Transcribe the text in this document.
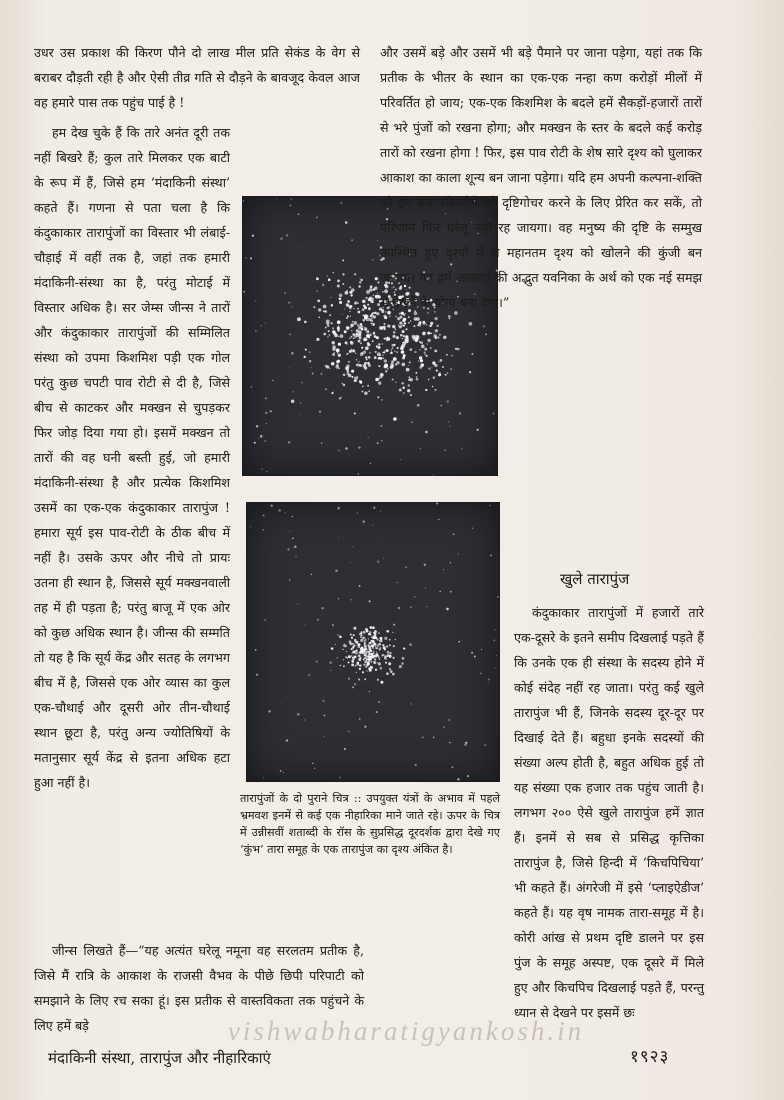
उधर उस प्रकाश की किरण पौने दो लाख मील प्रति सेकंड के वेग से बराबर दौड़ती रही है और ऐसी तीव्र गति से दौड़ने के बावजूद केवल आज वह हमारे पास तक पहुंच पाई है !
हम देख चुके हैं कि तारे अनंत दूरी तक नहीं बिखरे हैं; कुल तारे मिलकर एक बाटी के रूप में हैं, जिसे हम ‘मंदाकिनी संस्था’ कहते हैं। गणना से पता चला है कि कंदुकाकार तारापुंजों का विस्तार भी लंबाई-चौड़ाई में वहीं तक है, जहां तक हमारी मंदाकिनी-संस्था का है, परंतु मोटाई में विस्तार अधिक है। सर जेम्स जीन्स ने तारों और कंदुकाकार तारापुंजों की सम्मिलित संस्था को उपमा किशमिश पड़ी एक गोल परंतु कुछ चपटी पाव रोटी से दी है, जिसे बीच से काटकर और मक्खन से चुपड़कर फिर जोड़ दिया गया हो। इसमें मक्खन तो तारों की वह घनी बस्ती हुई, जो हमारी मंदाकिनी-संस्था है और प्रत्येक किशमिश उसमें का एक-एक कंदुकाकार तारापुंज ! हमारा सूर्य इस पाव-रोटी के ठीक बीच में नहीं है। उसके ऊपर और नीचे तो प्रायः उतना ही स्थान है, जिससे सूर्य मक्खनवाली तह में ही पड़ता है; परंतु बाजू में एक ओर को कुछ अधिक स्थान है। जीन्स की सम्मति तो यह है कि सूर्य केंद्र और सतह के लगभग बीच में है, जिससे एक ओर व्यास का कुल एक-चौथाई और दूसरी ओर तीन-चौथाई स्थान छूटा है, परंतु अन्य ज्योतिषियों के मतानुसार सूर्य केंद्र से इतना अधिक हटा हुआ नहीं है।
जीन्स लिखते हैं—“यह अत्यंत घरेलू नमूना वह सरलतम प्रतीक है, जिसे मैं रात्रि के आकाश के राजसी वैभव के पीछे छिपी परिपाटी को समझाने के लिए रच सका हूं। इस प्रतीक से वास्तविकता तक पहुंचने के लिए हमें बड़े
तारापुंजों के दो पुराने चित्र :: उपयुक्त यंत्रों के अभाव में पहले भ्रमवश इनमें से कई एक नीहारिका माने जाते रहे। ऊपर के चित्र में उन्नीसवीं शताब्दी के रॉस के सुप्रसिद्ध दूरदर्शक द्वारा देखे गए ‘कुंभ’ तारा समूह के एक तारापुंज का दृश्य अंकित है।
और उसमें बड़े और उसमें भी बड़े पैमाने पर जाना पड़ेगा, यहां तक कि प्रतीक के भीतर के स्थान का एक-एक नन्हा कण करोड़ों मीलों में परिवर्तित हो जाय; एक-एक किशमिश के बदले हमें सैकड़ों-हजारों तारों से भरे पुंजों को रखना होगा; और मक्खन के स्तर के बदले कई करोड़ तारों को रखना होगा ! फिर, इस पाव रोटी के शेष सारे दृश्य को घुलाकर आकाश का काला शून्य बन जाना पड़ेगा। यदि हम अपनी कल्पना-शक्ति को इन सब परिवर्तनों को दृष्टिगोचर करने के लिए प्रेरित कर सकें, तो परिणाम फिर घरेलू नहीं रह जायगा। वह मनुष्य की दृष्टि के सम्मुख उपस्थित हुए दृश्यों में से महानतम दृश्य को खोलने की कुंजी बन जायगा। वह हमें आकाश की अद्भुत यवनिका के अर्थ को एक नई समझ से देखने के योग्य बना देगा।”
खुले तारापुंज
कंदुकाकार तारापुंजों में हजारों तारे एक-दूसरे के इतने समीप दिखलाई पड़ते हैं कि उनके एक ही संस्था के सदस्य होने में कोई संदेह नहीं रह जाता। परंतु कई खुले तारापुंज भी हैं, जिनके सदस्य दूर-दूर पर दिखाई देते हैं। बहुधा इनके सदस्यों की संख्या अल्प होती है, बहुत अधिक हुई तो यह संख्या एक हजार तक पहुंच जाती है। लगभग २०० ऐसे खुले तारापुंज हमें ज्ञात हैं। इनमें से सब से प्रसिद्ध कृत्तिका तारापुंज है, जिसे हिन्दी में ‘किचपिचिया’ भी कहते हैं। अंगरेजी में इसे ‘प्लाइऐडीज’ कहते हैं। यह वृष नामक तारा-समूह में है। कोरी आंख से प्रथम दृष्टि डालने पर इस पुंज के समूह अस्पष्ट, एक दूसरे में मिले हुए और किचपिच दिखलाई पड़ते हैं, परन्तु ध्यान से देखने पर इसमें छः
vishwabharatigyankosh.in
मंदाकिनी संस्था, तारापुंज और नीहारिकाएं	१९२३
